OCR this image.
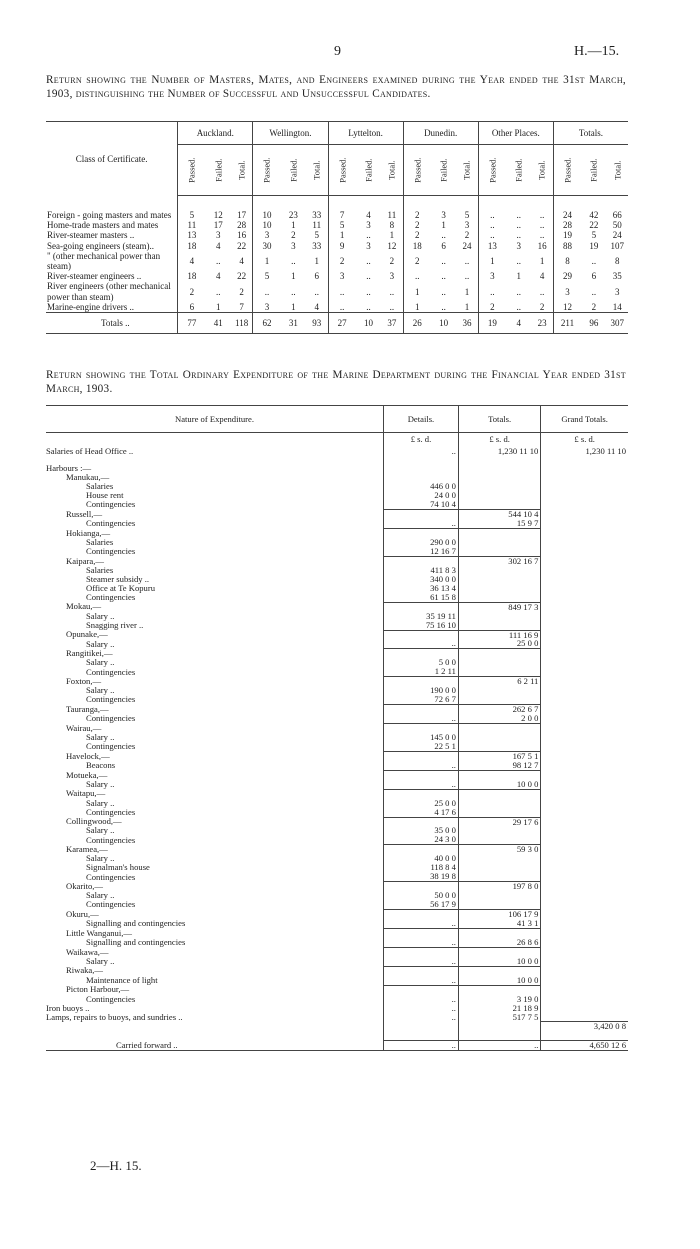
9	H.—15.
Return showing the Number of Masters, Mates, and Engineers examined during the Year ended the 31st March, 1903, distinguishing the Number of Successful and Unsuccessful Candidates.
Class of Certificate.	Auckland.			Wellington.			Lyttelton.			Dunedin.			Other Places.			Totals.		
	Passed.	Failed.	Total.	Passed.	Failed.	Total.	Passed.	Failed.	Total.	Passed.	Failed.	Total.	Passed.	Failed.	Total.	Passed.	Failed.	Total.
Foreign - going masters and mates	5	12	17	10	23	33	7	4	11	2	3	5	..	..	..	24	42	66
Home-trade masters and mates	11	17	28	10	1	11	5	3	8	2	1	3	..	..	..	28	22	50
River-steamer masters ..	13	3	16	3	2	5	1	..	1	2	..	2	..	..	..	19	5	24
Sea-going engineers (steam)..	18	4	22	30	3	33	9	3	12	18	6	24	13	3	16	88	19	107
" (other mechanical power than steam)	4	..	4	1	..	1	2	..	2	2	..	..	1	..	1	8	..	8
River-steamer engineers ..	18	4	22	5	1	6	3	..	3	..	..	..	3	1	4	29	6	35
River engineers (other mechanical power than steam)	2	..	2	..	..	..	..	..	..	1	..	1	..	..	..	3	..	3
Marine-engine drivers ..	6	1	7	3	1	4	..	..	..	1	..	1	2	..	2	12	2	14
Totals ..	77	41	118	62	31	93	27	10	37	26	10	36	19	4	23	211	96	307
Return showing the Total Ordinary Expenditure of the Marine Department during the Financial Year ended 31st March, 1903.
Nature of Expenditure.	Details.	Totals.	Grand Totals.
	£ s. d.	£ s. d.	£ s. d.
Salaries of Head Office ..	..	1,230 11 10	1,230 11 10

Harbours :—			
Manukau,—			
Salaries	446 0 0		
House rent	24 0 0		
Contingencies	74 10 4		
Russell,—		544 10 4	
Contingencies	..	15 9 7	
Hokianga,—			
Salaries	290 0 0		
Contingencies	12 16 7		
Kaipara,—		302 16 7	
Salaries	411 8 3		
Steamer subsidy ..	340 0 0		
Office at Te Kopuru	36 13 4		
Contingencies	61 15 8		
Mokau,—		849 17 3	
Salary ..	35 19 11		
Snagging river ..	75 16 10		
Opunake,—		111 16 9	
Salary ..	..	25 0 0	
Rangitikei,—			
Salary ..	5 0 0		
Contingencies	1 2 11		
Foxton,—		6 2 11	
Salary ..	190 0 0		
Contingencies	72 6 7		
Tauranga,—		262 6 7	
Contingencies	..	2 0 0	
Wairau,—			
Salary ..	145 0 0		
Contingencies	22 5 1		
Havelock,—		167 5 1	
Beacons	..	98 12 7	
Motueka,—			
Salary ..	..	10 0 0	
Waitapu,—			
Salary ..	25 0 0		
Contingencies	4 17 6		
Collingwood,—		29 17 6	
Salary ..	35 0 0		
Contingencies	24 3 0		
Karamea,—		59 3 0	
Salary ..	40 0 0		
Signalman's house	118 8 4		
Contingencies	38 19 8		
Okarito,—		197 8 0	
Salary ..	50 0 0		
Contingencies	56 17 9		
Okuru,—		106 17 9	
Signalling and contingencies	..	41 3 1	
Little Wanganui,—			
Signalling and contingencies	..	26 8 6	
Waikawa,—			
Salary ..	..	10 0 0	
Riwaka,—			
Maintenance of light	..	10 0 0	
Picton Harbour,—			
Contingencies	..	3 19 0	
Iron buoys ..	..	21 18 9	
Lamps, repairs to buoys, and sundries ..	..	517 7 5	
			3,420 0 8

Carried forward ..	..	..	4,650 12 6
2—H. 15.
